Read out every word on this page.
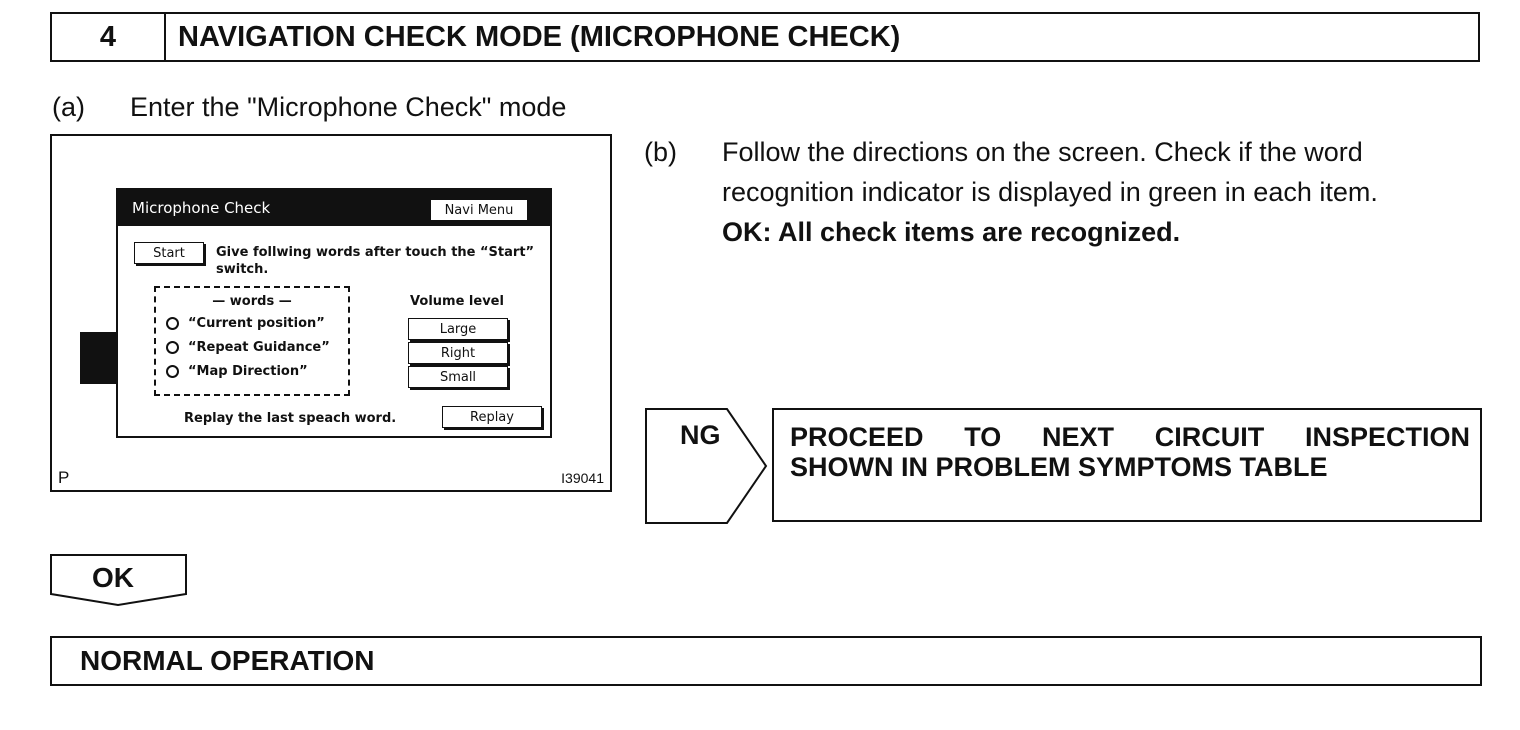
4	NAVIGATION CHECK MODE (MICROPHONE CHECK)
(a) Enter the "Microphone Check" mode
Microphone Check	Navi Menu
Start	Give follwing words after touch the “Start” switch.
— words —
“Current position”
“Repeat Guidance”
“Map Direction”
Volume level
Large
Right
Small
Replay the last speach word.	Replay
P	I39041
(b) Follow the directions on the screen. Check if the word recognition indicator is displayed in green in each item.
OK: All check items are recognized.
NG	PROCEED TO NEXT CIRCUIT INSPECTION
SHOWN IN PROBLEM SYMPTOMS TABLE
OK
NORMAL OPERATION
